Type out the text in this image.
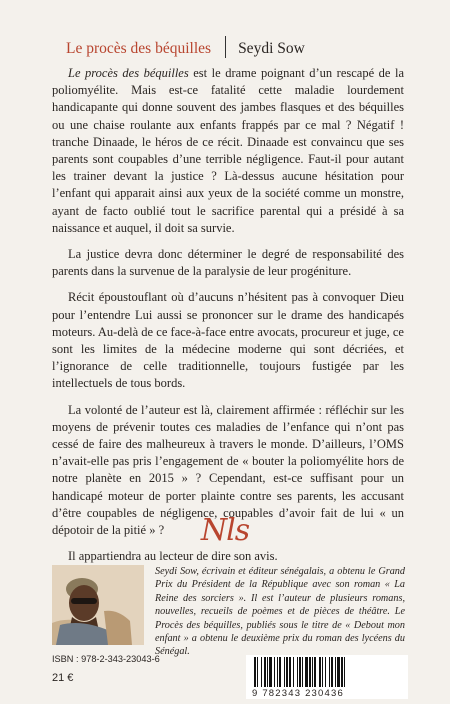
Le procès des béquilles Seydi Sow

Le procès des béquilles est le drame poignant d’un rescapé de la poliomyélite. Mais est-ce fatalité cette maladie lourdement handicapante qui donne souvent des jambes flasques et des béquilles ou une chaise roulante aux enfants frappés par ce mal ? Négatif ! tranche Dinaade, le héros de ce récit. Dinaade est convaincu que ses parents sont coupables d’une terrible négligence. Faut-il pour autant les trainer devant la justice ? Là-dessus aucune hésitation pour l’enfant qui apparait ainsi aux yeux de la société comme un monstre, ayant de facto oublié tout le sacrifice parental qui a présidé à sa naissance et auquel, il doit sa survie.

La justice devra donc déterminer le degré de responsabilité des parents dans la survenue de la paralysie de leur progéniture.

Récit époustouflant où d’aucuns n’hésitent pas à convoquer Dieu pour l’entendre Lui aussi se prononcer sur le drame des handicapés moteurs. Au-delà de ce face-à-face entre avocats, procureur et juge, ce sont les limites de la médecine moderne qui sont décriées, et l’ignorance de celle traditionnelle, toujours fustigée par les intellectuels de tous bords.

La volonté de l’auteur est là, clairement affirmée : réfléchir sur les moyens de prévenir toutes ces maladies de l’enfance qui n’ont pas cessé de faire des malheureux à travers le monde. D’ailleurs, l’OMS n’avait-elle pas pris l’engagement de « bouter la poliomyélite hors de notre planète en 2015 » ? Cependant, est-ce suffisant pour un handicapé moteur de porter plainte contre ses parents, les accusant d’être coupables de négligence, coupables d’avoir fait de lui « un dépotoir de la pitié » ?

Il appartiendra au lecteur de dire son avis.

Nls
Seydi Sow, écrivain et éditeur sénégalais, a obtenu le Grand Prix du Président de la République avec son roman « La Reine des sorciers ». Il est l’auteur de plusieurs romans, nouvelles, recueils de poèmes et de pièces de théâtre. Le Procès des béquilles, publiés sous le titre de « Debout mon enfant » a obtenu le deuxième prix du roman des lycéens du Sénégal.
ISBN : 978-2-343-23043-6
21 €
9 782343 230436
